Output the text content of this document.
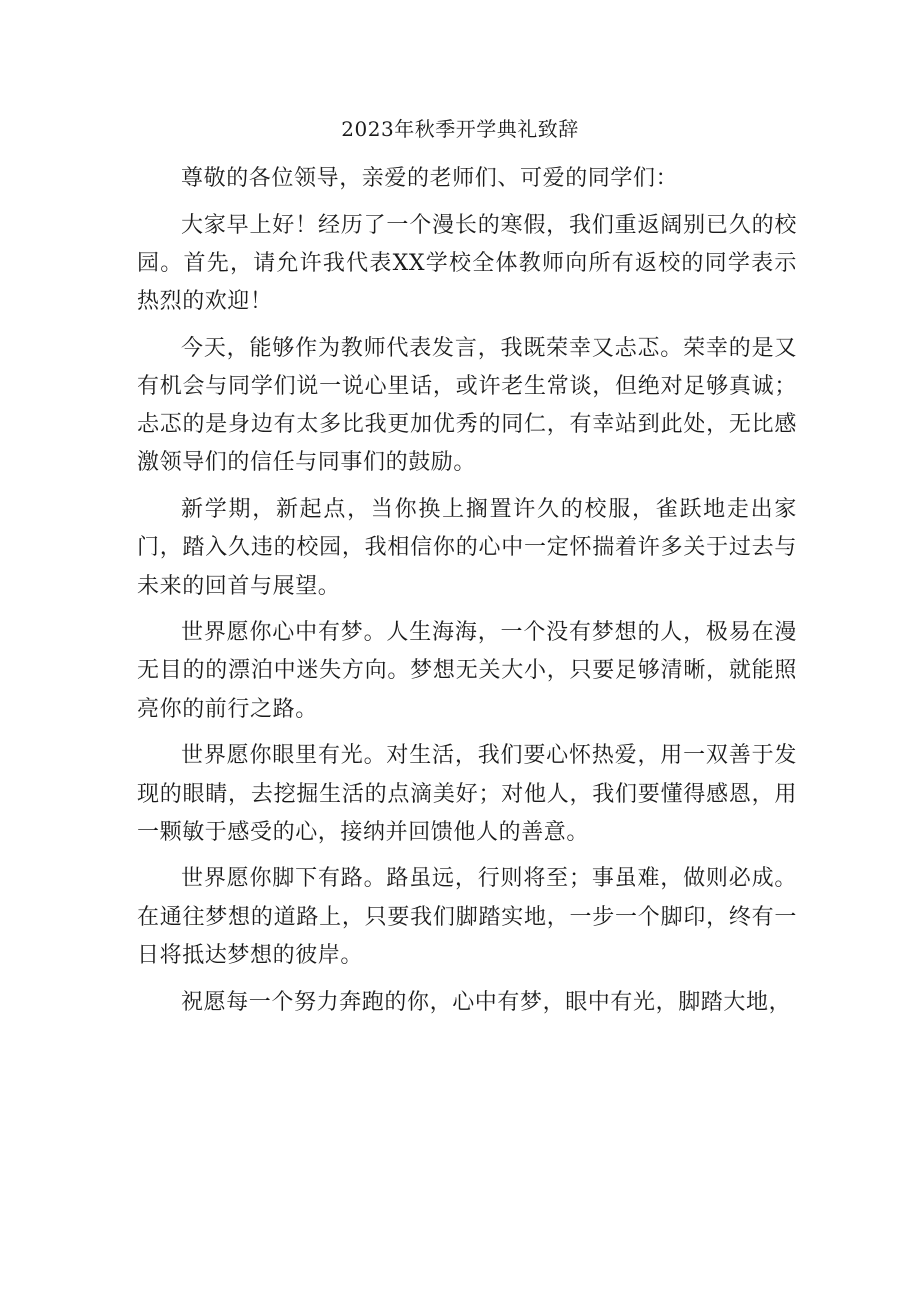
2023年秋季开学典礼致辞

尊敬的各位领导，亲爱的老师们、可爱的同学们：

大家早上好！经历了一个漫长的寒假，我们重返阔别已久的校园。首先，请允许我代表XX学校全体教师向所有返校的同学表示热烈的欢迎！

今天，能够作为教师代表发言，我既荣幸又忐忑。荣幸的是又有机会与同学们说一说心里话，或许老生常谈，但绝对足够真诚；忐忑的是身边有太多比我更加优秀的同仁，有幸站到此处，无比感激领导们的信任与同事们的鼓励。

新学期，新起点，当你换上搁置许久的校服，雀跃地走出家门，踏入久违的校园，我相信你的心中一定怀揣着许多关于过去与未来的回首与展望。

世界愿你心中有梦。人生海海，一个没有梦想的人，极易在漫无目的的漂泊中迷失方向。梦想无关大小，只要足够清晰，就能照亮你的前行之路。

世界愿你眼里有光。对生活，我们要心怀热爱，用一双善于发现的眼睛，去挖掘生活的点滴美好；对他人，我们要懂得感恩，用一颗敏于感受的心，接纳并回馈他人的善意。

世界愿你脚下有路。路虽远，行则将至；事虽难，做则必成。在通往梦想的道路上，只要我们脚踏实地，一步一个脚印，终有一日将抵达梦想的彼岸。

祝愿每一个努力奔跑的你，心中有梦，眼中有光，脚踏大地，
